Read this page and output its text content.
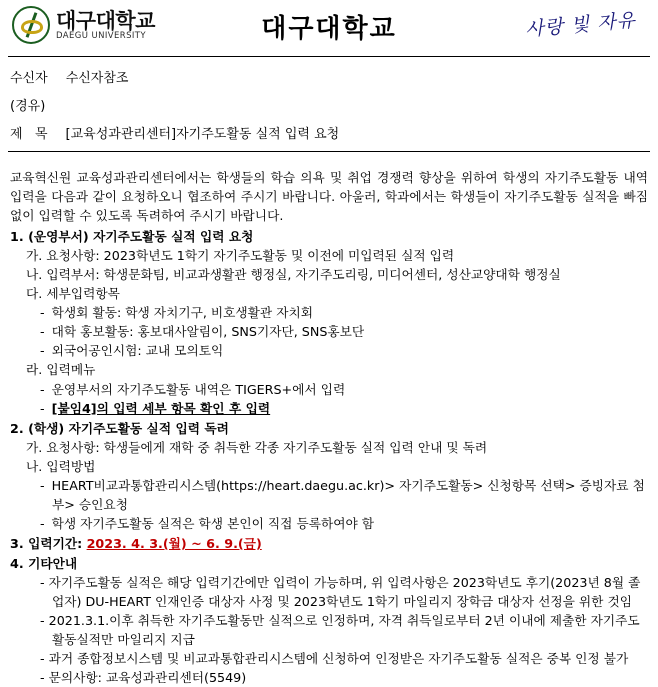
대구대학교
DAEGU UNIVERSITY	대구대학교	사랑 빛 자유
수신자 수신자참조
(경유)
제   목 [교육성과관리센터]자기주도활동 실적 입력 요청
교육혁신원 교육성과관리센터에서는 학생들의 학습 의욕 및 취업 경쟁력 향상을 위하여 학생의 자기주도활동 내역 입력을 다음과 같이 요청하오니 협조하여 주시기 바랍니다. 아울러, 학과에서는 학생들이 자기주도활동 실적을 빠짐없이 입력할 수 있도록 독려하여 주시기 바랍니다.
1. (운영부서) 자기주도활동 실적 입력 요청
가. 요청사항: 2023학년도 1학기 자기주도활동 및 이전에 미입력된 실적 입력
나. 입력부서: 학생문화팀, 비교과생활관 행정실, 자기주도리링, 미디어센터, 성산교양대학 행정실
다. 세부입력항목
- 학생회 활동: 학생 자치기구, 비호생활관 자치회
- 대학 홍보활동: 홍보대사알림이, SNS기자단, SNS홍보단
- 외국어공인시험: 교내 모의토익
라. 입력메뉴
- 운영부서의 자기주도활동 내역은 TIGERS+에서 입력
- [붙임4]의 입력 세부 항목 확인 후 입력
2. (학생) 자기주도활동 실적 입력 독려
가. 요청사항: 학생들에게 재학 중 취득한 각종 자기주도활동 실적 입력 안내 및 독려
나. 입력방법
- HEART비교과통합관리시스템(https://heart.daegu.ac.kr)> 자기주도활동> 신청항목 선택> 증빙자료 첨부> 승인요청
- 학생 자기주도활동 실적은 학생 본인이 직접 등록하여야 함
3. 입력기간: 2023. 4. 3.(월) ~ 6. 9.(금)
4. 기타안내
- 자기주도활동 실적은 해당 입력기간에만 입력이 가능하며, 위 입력사항은 2023학년도 후기(2023년 8월 졸업자) DU-HEART 인재인증 대상자 사정 및 2023학년도 1학기 마일리지 장학금 대상자 선정을 위한 것임
- 2021.3.1.이후 취득한 자기주도활동만 실적으로 인정하며, 자격 취득일로부터 2년 이내에 제출한 자기주도활동실적만 마일리지 지급
- 과거 종합정보시스템 및 비교과통합관리시스템에 신청하여 인정받은 자기주도활동 실적은 중복 인정 불가
- 문의사항: 교육성과관리센터(5549)
